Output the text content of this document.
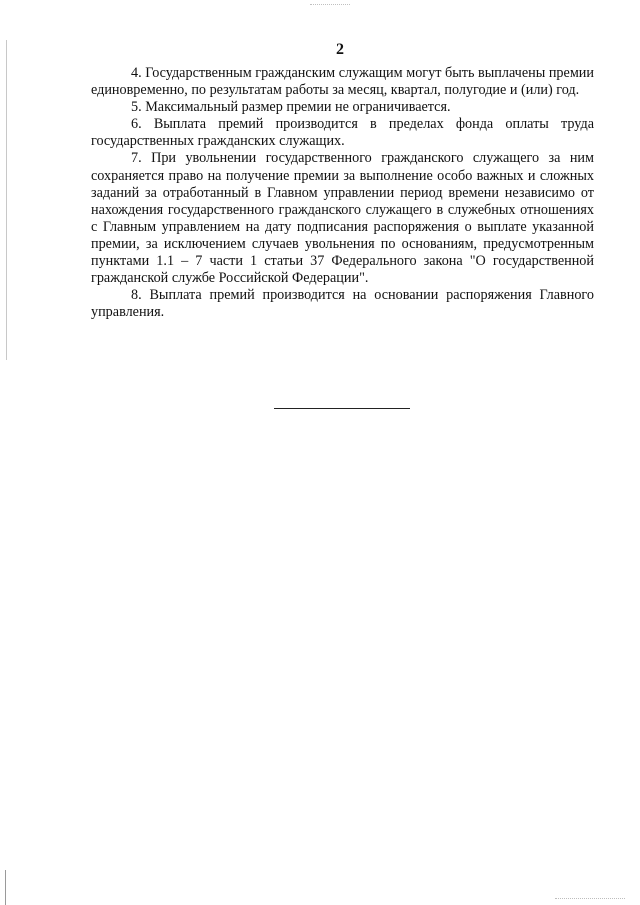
2

4. Государственным гражданским служащим могут быть выплачены премии единовременно, по результатам работы за месяц, квартал, полугодие и (или) год.

5. Максимальный размер премии не ограничивается.

6. Выплата премий производится в пределах фонда оплаты труда государственных гражданских служащих.

7. При увольнении государственного гражданского служащего за ним сохраняется право на получение премии за выполнение особо важных и сложных заданий за отработанный в Главном управлении период времени независимо от нахождения государственного гражданского служащего в служебных отношениях с Главным управлением на дату подписания распоряжения о выплате указанной премии, за исключением случаев увольнения по основаниям, предусмотренным пунктами 1.1 – 7 части 1 статьи 37 Федерального закона "О государственной гражданской службе Российской Федерации".

8. Выплата премий производится на основании распоряжения Главного управления.
